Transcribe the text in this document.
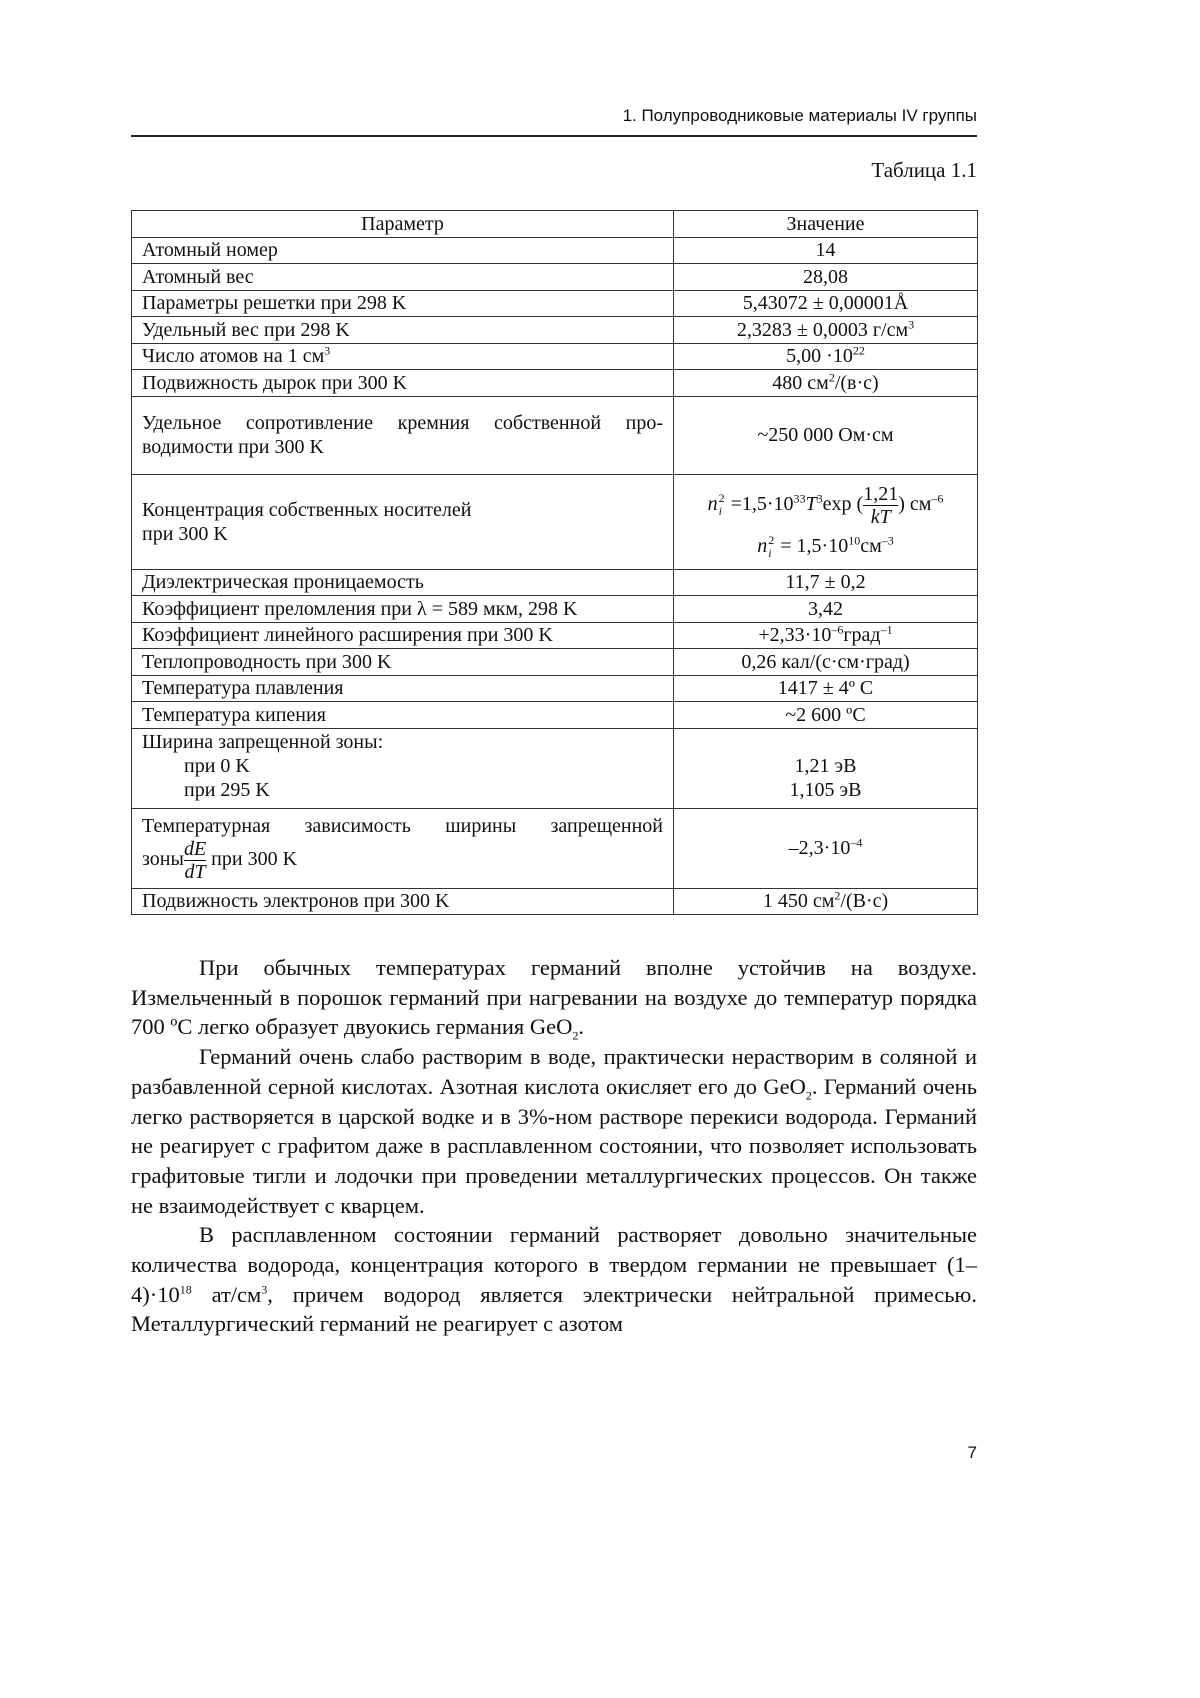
1. Полупроводниковые материалы IV группы
Таблица 1.1
Параметр	Значение
Атомный номер	14
Атомный вес	28,08
Параметры решетки при 298 K	5,43072 ± 0,00001Å
Удельный вес при 298 K	2,3283 ± 0,0003 г/см3
Число атомов на 1 см3	5,00 ·1022
Подвижность дырок при 300 K	480 см2/(в·с)

Удельное сопротивление кремния собственной про-
водимости при 300 K	~250 000 Ом·см

Концентрация собственных носителей
при 300 K	
n 2
i =1,5·1033T3exp ( 1,21
kT
) см–6
n 2
i = 1,5·1010см–3

Диэлектрическая проницаемость	11,7 ± 0,2
Коэффициент преломления при λ = 589 мкм, 298 K	3,42
Коэффициент линейного расширения при 300 K	+2,33·10–6град–1
Теплопроводность при 300 K	0,26 кал/(с·см·град)
Температура плавления	1417 ± 4º C
Температура кипения	~2 600 ºС

Ширина запрещенной зоны:
при 0 K
при 295 K

1,21 эВ
1,105 эВ

Температурная зависимость ширины запрещенной
зоны dE
dT
при 300 K	–2,3·10–4
Подвижность электронов при 300 K	1 450 см2/(В·с)

При обычных температурах германий вполне устойчив на воздухе. Измельченный в порошок германий при нагревании на воздухе до температур порядка 700 ºС легко образует двуокись германия GeO2.

Германий очень слабо растворим в воде, практически нерастворим в соляной и разбавленной серной кислотах. Азотная кислота окисляет его до GeO2. Германий очень легко растворяется в царской водке и в 3%-ном растворе перекиси водорода. Германий не реагирует с графитом даже в расплавленном состоянии, что позволяет использовать графитовые тигли и лодочки при проведении металлургических процессов. Он также не взаимодействует с кварцем.

В расплавленном состоянии германий растворяет довольно значительные количества водорода, концентрация которого в твердом германии не превышает (1–4)·1018 ат/см3, причем водород является электрически нейтральной примесью. Металлургический германий не реагирует с азотом

7
